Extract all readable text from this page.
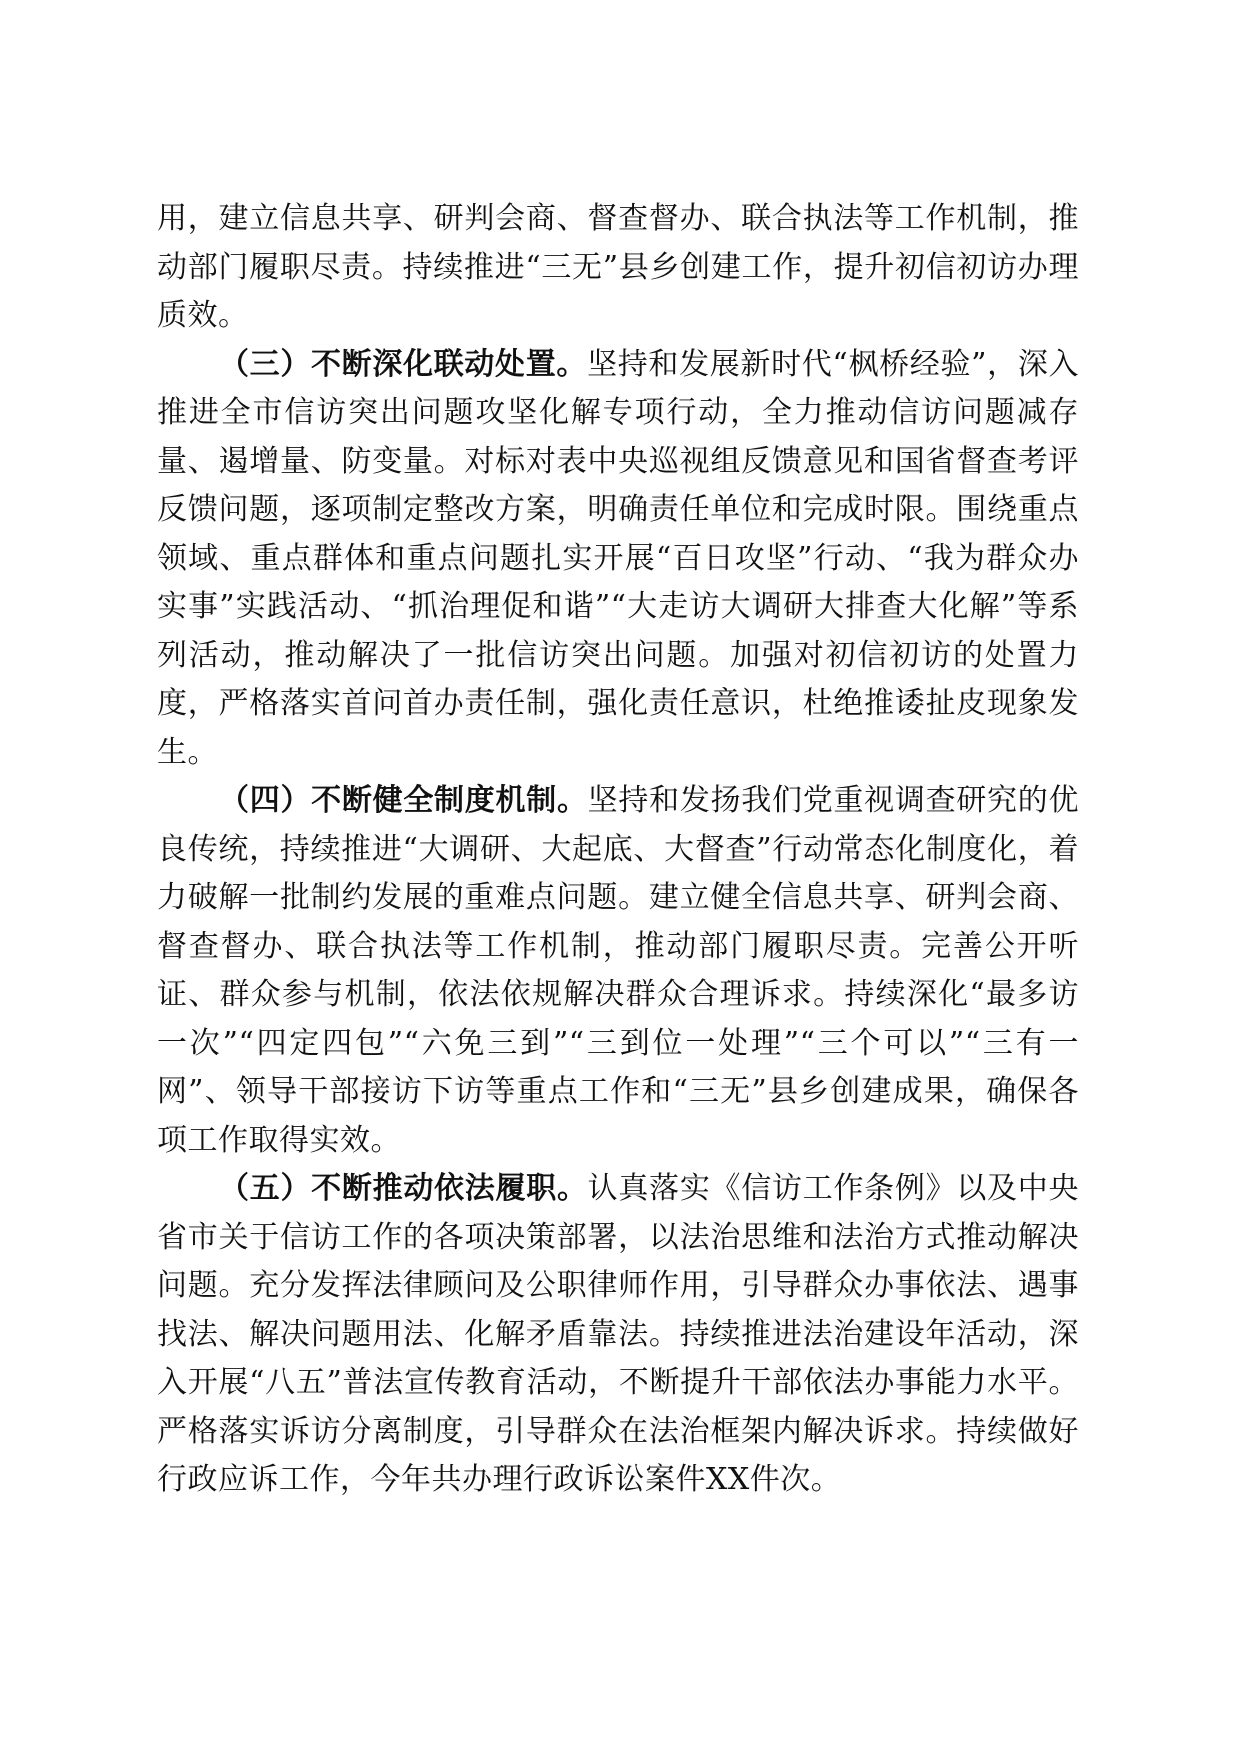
用，建立信息共享、研判会商、督查督办、联合执法等工作机制，推动部门履职尽责。持续推进“三无”县乡创建工作，提升初信初访办理质效。

（三）不断深化联动处置。坚持和发展新时代“枫桥经验”，深入推进全市信访突出问题攻坚化解专项行动，全力推动信访问题减存量、遏增量、防变量。对标对表中央巡视组反馈意见和国省督查考评反馈问题，逐项制定整改方案，明确责任单位和完成时限。围绕重点领域、重点群体和重点问题扎实开展“百日攻坚”行动、“我为群众办实事”实践活动、“抓治理促和谐”“大走访大调研大排查大化解”等系列活动，推动解决了一批信访突出问题。加强对初信初访的处置力度，严格落实首问首办责任制，强化责任意识，杜绝推诿扯皮现象发生。

（四）不断健全制度机制。坚持和发扬我们党重视调查研究的优良传统，持续推进“大调研、大起底、大督查”行动常态化制度化，着力破解一批制约发展的重难点问题。建立健全信息共享、研判会商、督查督办、联合执法等工作机制，推动部门履职尽责。完善公开听证、群众参与机制，依法依规解决群众合理诉求。持续深化“最多访一次”“四定四包”“六免三到”“三到位一处理”“三个可以”“三有一网”、领导干部接访下访等重点工作和“三无”县乡创建成果，确保各项工作取得实效。

（五）不断推动依法履职。认真落实《信访工作条例》以及中央省市关于信访工作的各项决策部署，以法治思维和法治方式推动解决问题。充分发挥法律顾问及公职律师作用，引导群众办事依法、遇事找法、解决问题用法、化解矛盾靠法。持续推进法治建设年活动，深入开展“八五”普法宣传教育活动，不断提升干部依法办事能力水平。严格落实诉访分离制度，引导群众在法治框架内解决诉求。持续做好行政应诉工作，今年共办理行政诉讼案件XX件次。
